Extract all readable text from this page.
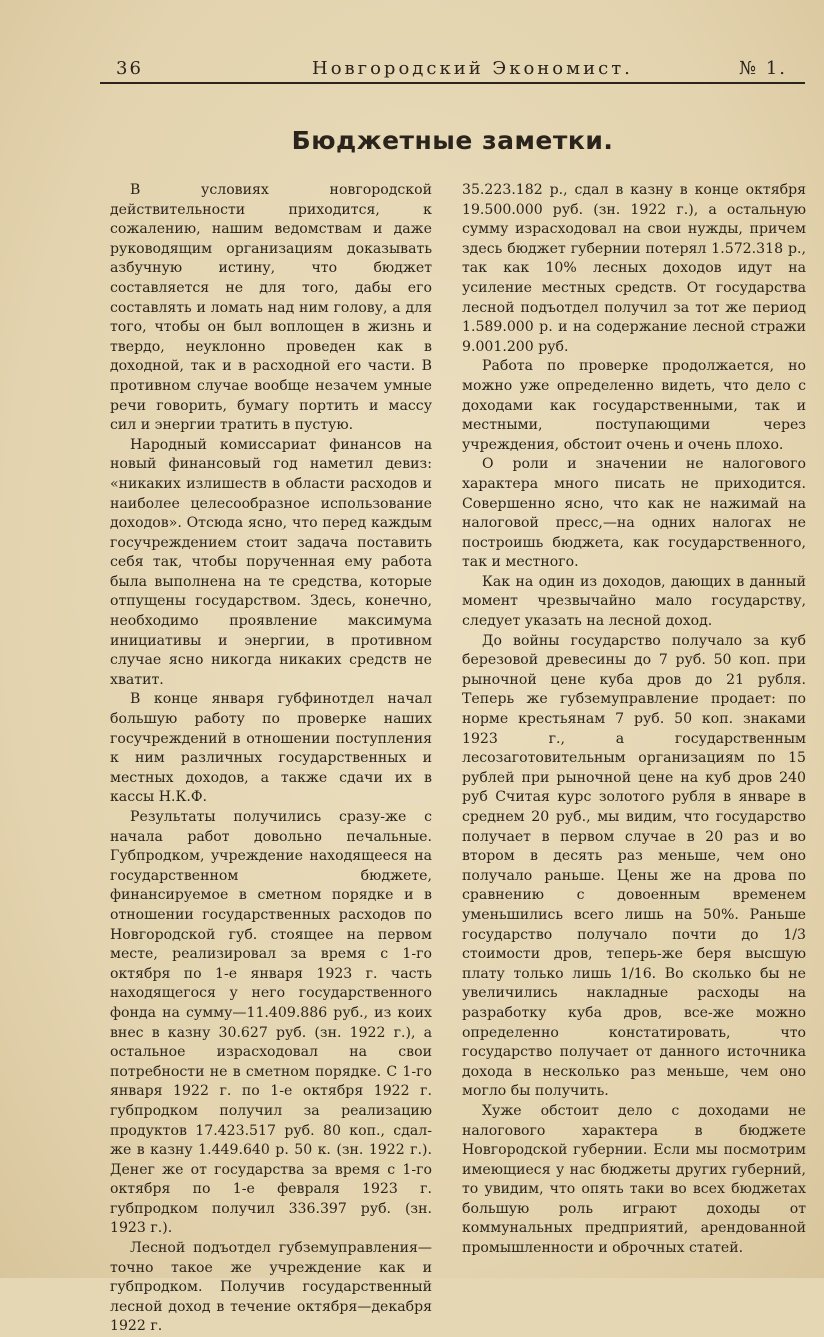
36	Новгородский Экономист.	№ 1.
Бюджетные заметки.

В условиях новгородской действительности приходится, к сожалению, нашим ведомствам и даже руководящим организациям доказывать азбучную истину, что бюджет составляется не для того, дабы его составлять и ломать над ним голову, а для того, чтобы он был воплощен в жизнь и твердо, неуклонно проведен как в доходной, так и в расходной его части. В противном случае вообще незачем умные речи говорить, бумагу портить и массу сил и энергии тратить в пустую.

Народный комиссариат финансов на новый финансовый год наметил девиз: «никаких излишеств в области расходов и наиболее целесообразное использование доходов». Отсюда ясно, что перед каждым госучреждением стоит задача поставить себя так, чтобы порученная ему работа была выполнена на те средства, которые отпущены государством. Здесь, конечно, необходимо проявление максимума инициативы и энергии, в противном случае ясно никогда никаких средств не хватит.

В конце января губфинотдел начал большую работу по проверке наших госучреждений в отношении поступления к ним различных государственных и местных доходов, а также сдачи их в кассы Н.К.Ф.

Результаты получились сразу-же с начала работ довольно печальные. Губпродком, учреждение находящееся на государственном бюджете, финансируемое в сметном порядке и в отношении государственных расходов по Новгородской губ. стоящее на первом месте, реализировал за время с 1-го октября по 1-е января 1923 г. часть находящегося у него государственного фонда на сумму—11.409.886 руб., из коих внес в казну 30.627 руб. (зн. 1922 г.), а остальное израсходовал на свои потребности не в сметном порядке. С 1-го января 1922 г. по 1-е октября 1922 г. губпродком получил за реализацию продуктов 17.423.517 руб. 80 коп., сдал-же в казну 1.449.640 р. 50 к. (зн. 1922 г.). Денег же от государства за время с 1-го октября по 1-е февраля 1923 г. губпродком получил 336.397 руб. (зн. 1923 г.).

Лесной подъотдел губземуправления— точно такое же учреждение как и губпродком. Получив государственный лесной доход в течение октября—декабря 1922 г.

35.223.182 р., сдал в казну в конце октября 19.500.000 руб. (зн. 1922 г.), а остальную сумму израсходовал на свои нужды, причем здесь бюджет губернии потерял 1.572.318 р., так как 10% лесных доходов идут на усиление местных средств. От государства лесной подъотдел получил за тот же период 1.589.000 р. и на содержание лесной стражи 9.001.200 руб.

Работа по проверке продолжается, но можно уже определенно видеть, что дело с доходами как государственными, так и местными, поступающими через учреждения, обстоит очень и очень плохо.

О роли и значении не налогового характера много писать не приходится. Совершенно ясно, что как не нажимай на налоговой пресс,—на одних налогах не построишь бюджета, как государственного, так и местного.

Как на один из доходов, дающих в данный момент чрезвычайно мало государству, следует указать на лесной доход.

До войны государство получало за куб березовой древесины до 7 руб. 50 коп. при рыночной цене куба дров до 21 рубля. Теперь же губземуправление продает: по норме крестьянам 7 руб. 50 коп. знаками 1923 г., а государственным лесозаготовительным организациям по 15 рублей при рыночной цене на куб дров 240 руб Считая курс золотого рубля в январе в среднем 20 руб., мы видим, что государство получает в первом случае в 20 раз и во втором в десять раз меньше, чем оно получало раньше. Цены же на дрова по сравнению с довоенным временем уменьшились всего лишь на 50%. Раньше государство получало почти до 1/3 стоимости дров, теперь-же беря высшую плату только лишь 1/16. Во сколько бы не увеличились накладные расходы на разработку куба дров, все-же можно определенно констатировать, что государство получает от данного источника дохода в несколько раз меньше, чем оно могло бы получить.

Хуже обстоит дело с доходами не налогового характера в бюджете Новгородской губернии. Если мы посмотрим имеющиеся у нас бюджеты других губерний, то увидим, что опять таки во всех бюджетах большую роль играют доходы от коммунальных предприятий, арендованной промышленности и оброчных статей.
